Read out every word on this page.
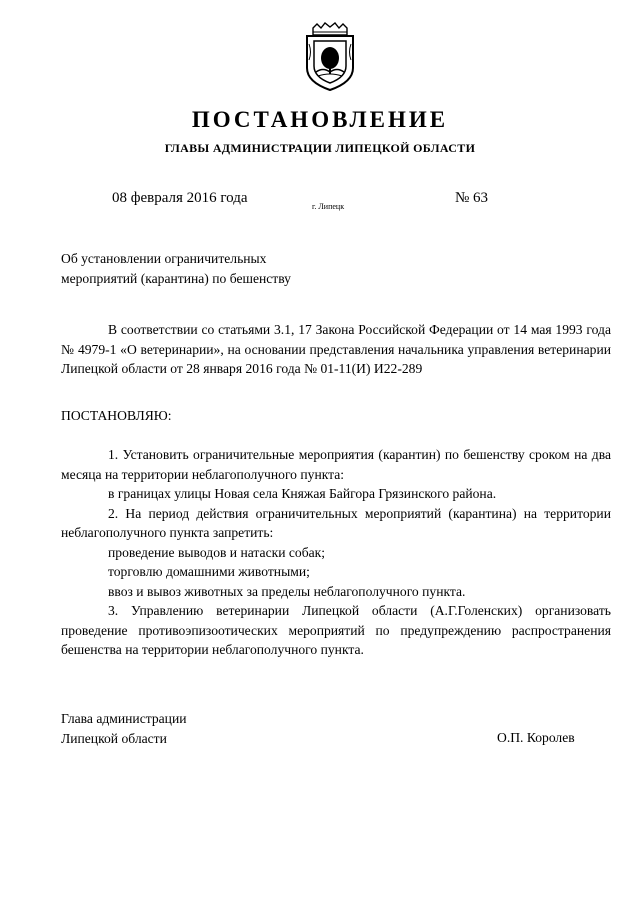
ПОСТАНОВЛЕНИЕ
ГЛАВЫ АДМИНИСТРАЦИИ ЛИПЕЦКОЙ ОБЛАСТИ
08 февраля 2016 года
г. Липецк
№ 63
Об установлении ограничительных
мероприятий (карантина) по бешенству

В соответствии со статьями 3.1, 17 Закона Российской Федерации от 14 мая 1993 года № 4979-1 «О ветеринарии», на основании представления начальника управления ветеринарии Липецкой области от 28 января 2016 года № 01-11(И) И22-289

ПОСТАНОВЛЯЮ:

1. Установить ограничительные мероприятия (карантин) по бешенству сроком на два месяца на территории неблагополучного пункта:

в границах улицы Новая села Княжая Байгора Грязинского района.

2. На период действия ограничительных мероприятий (карантина) на территории неблагополучного пункта запретить:

проведение выводов и натаски собак;

торговлю домашними животными;

ввоз и вывоз животных за пределы неблагополучного пункта.

3. Управлению ветеринарии Липецкой области (А.Г.Голенских) организовать проведение противоэпизоотических мероприятий по предупреждению распространения бешенства на территории неблагополучного пункта.

Глава администрации
Липецкой области	О.П. Королев
